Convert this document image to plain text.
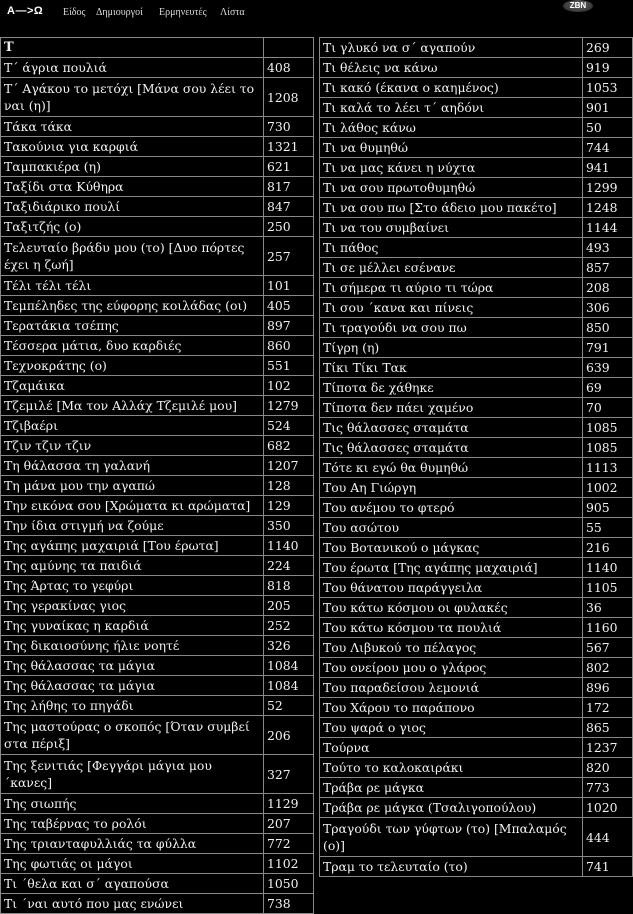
Α—>Ω Είδος Δημιουργοί Ερμηνευτές Λίστα
ZBN
Τ	
Τ΄ άγρια πουλιά	408
Τ΄ Αγάκου το μετόχι [Μάνα σου λέει το ναι (η)]	1208
Τάκα τάκα	730
Τακούνια για καρφιά	1321
Ταμπακιέρα (η)	621
Ταξίδι στα Κύθηρα	817
Ταξιδιάρικο πουλί	847
Ταξιτζής (ο)	250
Τελευταίο βράδυ μου (το) [Δυο πόρτες έχει η ζωή]	257
Τέλι τέλι τέλι	101
Τεμπέληδες της εύφορης κοιλάδας (οι)	405
Τερατάκια τσέπης	897
Τέσσερα μάτια, δυο καρδιές	860
Τεχνοκράτης (ο)	551
Τζαμάικα	102
Τζεμιλέ [Μα τον Αλλάχ Τζεμιλέ μου]	1279
Τζιβαέρι	524
Τζιν τζιν τζιν	682
Τη θάλασσα τη γαλανή	1207
Τη μάνα μου την αγαπώ	128
Την εικόνα σου [Χρώματα κι αρώματα]	129
Την ίδια στιγμή να ζούμε	350
Της αγάπης μαχαιριά [Του έρωτα]	1140
Της αμύνης τα παιδιά	224
Της Άρτας το γεφύρι	818
Της γερακίνας γιος	205
Της γυναίκας η καρδιά	252
Της δικαιοσύνης ήλιε νοητέ	326
Της θάλασσας τα μάγια	1084
Της θάλασσας τα μάγια	1084
Της λήθης το πηγάδι	52
Της μαστούρας ο σκοπός [Όταν συμβεί στα πέριξ]	206
Της ξενιτιάς [Φεγγάρι μάγια μου ΄κανες]	327
Της σιωπής	1129
Της ταβέρνας το ρολόι	207
Της τριανταφυλλιάς τα φύλλα	772
Της φωτιάς οι μάγοι	1102
Τι ΄θελα και σ΄ αγαπούσα	1050
Τι ΄ναι αυτό που μας ενώνει	738
Τι γλυκό να σ΄ αγαπούν	269
Τι θέλεις να κάνω	919
Τι κακό (έκανα ο καημένος)	1053
Τι καλά το λέει τ΄ αηδόνι	901
Τι λάθος κάνω	50
Τι να θυμηθώ	744
Τι να μας κάνει η νύχτα	941
Τι να σου πρωτοθυμηθώ	1299
Τι να σου πω [Στο άδειο μου πακέτο]	1248
Τι να του συμβαίνει	1144
Τι πάθος	493
Τι σε μέλλει εσένανε	857
Τι σήμερα τι αύριο τι τώρα	208
Τι σου ΄κανα και πίνεις	306
Τι τραγούδι να σου πω	850
Τίγρη (η)	791
Τίκι Τίκι Τακ	639
Τίποτα δε χάθηκε	69
Τίποτα δεν πάει χαμένο	70
Τις θάλασσες σταμάτα	1085
Τις θάλασσες σταμάτα	1085
Τότε κι εγώ θα θυμηθώ	1113
Του Αη Γιώργη	1002
Του ανέμου το φτερό	905
Του ασώτου	55
Του Βοτανικού ο μάγκας	216
Του έρωτα [Της αγάπης μαχαιριά]	1140
Του θάνατου παράγγειλα	1105
Του κάτω κόσμου οι φυλακές	36
Του κάτω κόσμου τα πουλιά	1160
Του Λιβυκού το πέλαγος	567
Του ονείρου μου ο γλάρος	802
Του παραδείσου λεμονιά	896
Του Χάρου το παράπονο	172
Του ψαρά ο γιος	865
Τούρνα	1237
Τούτο το καλοκαιράκι	820
Τράβα ρε μάγκα	773
Τράβα ρε μάγκα (Τσαλιγοπούλου)	1020
Τραγούδι των γύφτων (το) [Μπαλαμός (ο)]	444
Τραμ το τελευταίο (το)	741
